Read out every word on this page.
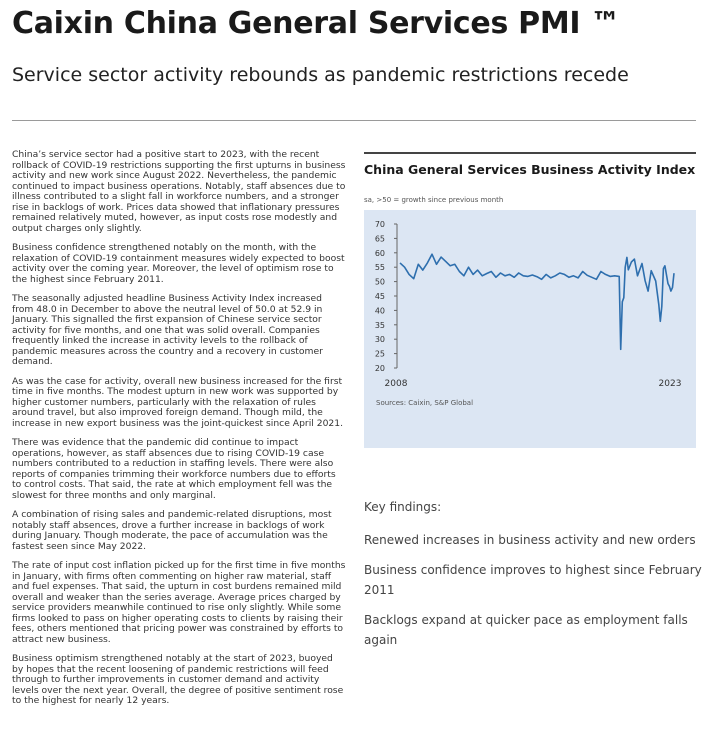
Caixin China General Services PMI ™
Service sector activity rebounds as pandemic restrictions recede

China’s service sector had a positive start to 2023, with the recent rollback of COVID-19 restrictions supporting the first upturns in business activity and new work since August 2022. Nevertheless, the pandemic continued to impact business operations. Notably, staff absences due to illness contributed to a slight fall in workforce numbers, and a stronger rise in backlogs of work. Prices data showed that inflationary pressures remained relatively muted, however, as input costs rose modestly and output charges only slightly.

Business confidence strengthened notably on the month, with the relaxation of COVID-19 containment measures widely expected to boost activity over the coming year. Moreover, the level of optimism rose to the highest since February 2011.

The seasonally adjusted headline Business Activity Index increased from 48.0 in December to above the neutral level of 50.0 at 52.9 in January. This signalled the first expansion of Chinese service sector activity for five months, and one that was solid overall. Companies frequently linked the increase in activity levels to the rollback of pandemic measures across the country and a recovery in customer demand.

As was the case for activity, overall new business increased for the first time in five months. The modest upturn in new work was supported by higher customer numbers, particularly with the relaxation of rules around travel, but also improved foreign demand. Though mild, the increase in new export business was the joint-quickest since April 2021.

There was evidence that the pandemic did continue to impact operations, however, as staff absences due to rising COVID-19 case numbers contributed to a reduction in staffing levels. There were also reports of companies trimming their workforce numbers due to efforts to control costs. That said, the rate at which employment fell was the slowest for three months and only marginal.

A combination of rising sales and pandemic-related disruptions, most notably staff absences, drove a further increase in backlogs of work during January. Though moderate, the pace of accumulation was the fastest seen since May 2022.

The rate of input cost inflation picked up for the first time in five months in January, with firms often commenting on higher raw material, staff and fuel expenses. That said, the upturn in cost burdens remained mild overall and weaker than the series average. Average prices charged by service providers meanwhile continued to rise only slightly. While some firms looked to pass on higher operating costs to clients by raising their fees, others mentioned that pricing power was constrained by efforts to attract new business.

Business optimism strengthened notably at the start of 2023, buoyed by hopes that the recent loosening of pandemic restrictions will feed through to further improvements in customer demand and activity levels over the next year. Overall, the degree of positive sentiment rose to the highest for nearly 12 years.

China General Services Business Activity Index
sa, >50 = growth since previous month
20
25
30
35
40
45
50
55
60
65
70
2008	2023
Sources: Caixin, S&P Global
Key findings:
Renewed increases in business activity and new orders
Business confidence improves to highest since February 2011
Backlogs expand at quicker pace as employment falls again
